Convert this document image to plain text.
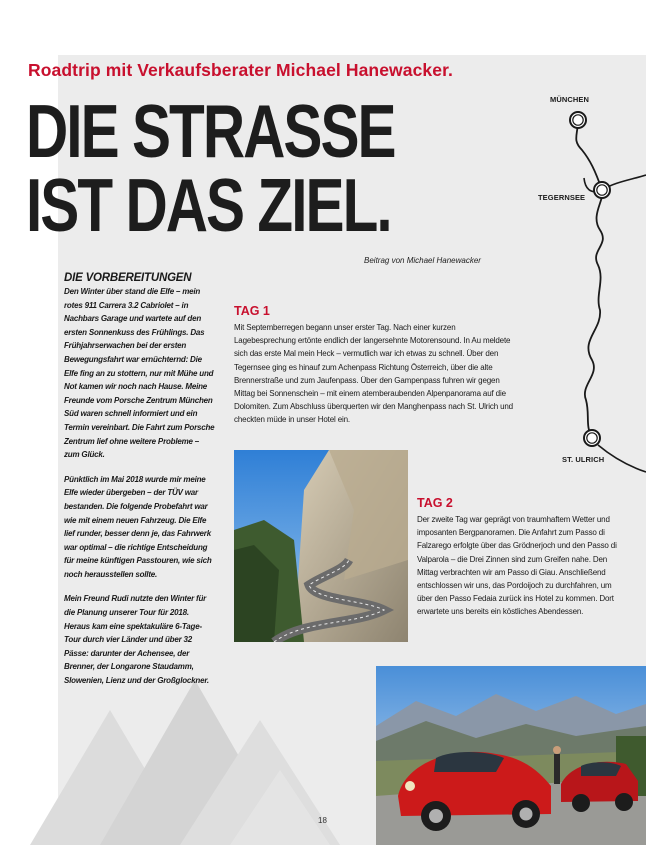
Roadtrip mit Verkaufsberater Michael Hanewacker.
DIE STRASSE
IST DAS ZIEL.
Beitrag von Michael Hanewacker
MÜNCHEN
TEGERNSEE
ST. ULRICH
DIE VORBEREITUNGEN

Den Winter über stand die Elfe – mein rotes 911 Carrera 3.2 Cabriolet – in Nachbars Garage und wartete auf den ersten Sonnenkuss des Frühlings. Das Frühjahrserwachen bei der ersten Bewegungsfahrt war ernüchternd: Die Elfe fing an zu stottern, nur mit Mühe und Not kamen wir noch nach Hause. Meine Freunde vom Porsche Zentrum München Süd waren schnell informiert und ein Termin vereinbart. Die Fahrt zum Porsche Zentrum lief ohne weitere Probleme – zum Glück.

Pünktlich im Mai 2018 wurde mir meine Elfe wieder übergeben – der TÜV war bestanden. Die folgende Probefahrt war wie mit einem neuen Fahrzeug. Die Elfe lief runder, besser denn je, das Fahrwerk war optimal – die richtige Entscheidung für meine künftigen Passtouren, wie sich noch herausstellen sollte.

Mein Freund Rudi nutzte den Winter für die Planung unserer Tour für 2018. Heraus kam eine spektakuläre 6-Tage-Tour durch vier Länder und über 32 Pässe: darunter der Achensee, der Brenner, der Longarone Staudamm, Slowenien, Lienz und der Großglockner.

TAG 1
Mit Septemberregen begann unser erster Tag. Nach einer kurzen Lagebesprechung ertönte endlich der langersehnte Motorensound. In Au meldete sich das erste Mal mein Heck – vermutlich war ich etwas zu schnell. Über den Tegernsee ging es hinauf zum Achenpass Richtung Österreich, über die alte Brennerstraße und zum Jaufenpass. Über den Gampenpass fuhren wir gegen Mittag bei Sonnenschein – mit einem atemberaubenden Alpenpanorama auf die Dolomiten. Zum Abschluss überquerten wir den Manghenpass nach St. Ulrich und checkten müde in unser Hotel ein.
TAG 2
Der zweite Tag war geprägt von traumhaftem Wetter und imposanten Bergpanoramen. Die Anfahrt zum Passo di Falzarego erfolgte über das Grödnerjoch und den Passo di Valparola – die Drei Zinnen sind zum Greifen nahe. Den Mittag verbrachten wir am Passo di Giau. Anschließend entschlossen wir uns, das Pordoijoch zu durchfahren, um über den Passo Fedaia zurück ins Hotel zu kommen. Dort erwartete uns bereits ein köstliches Abendessen.
18
